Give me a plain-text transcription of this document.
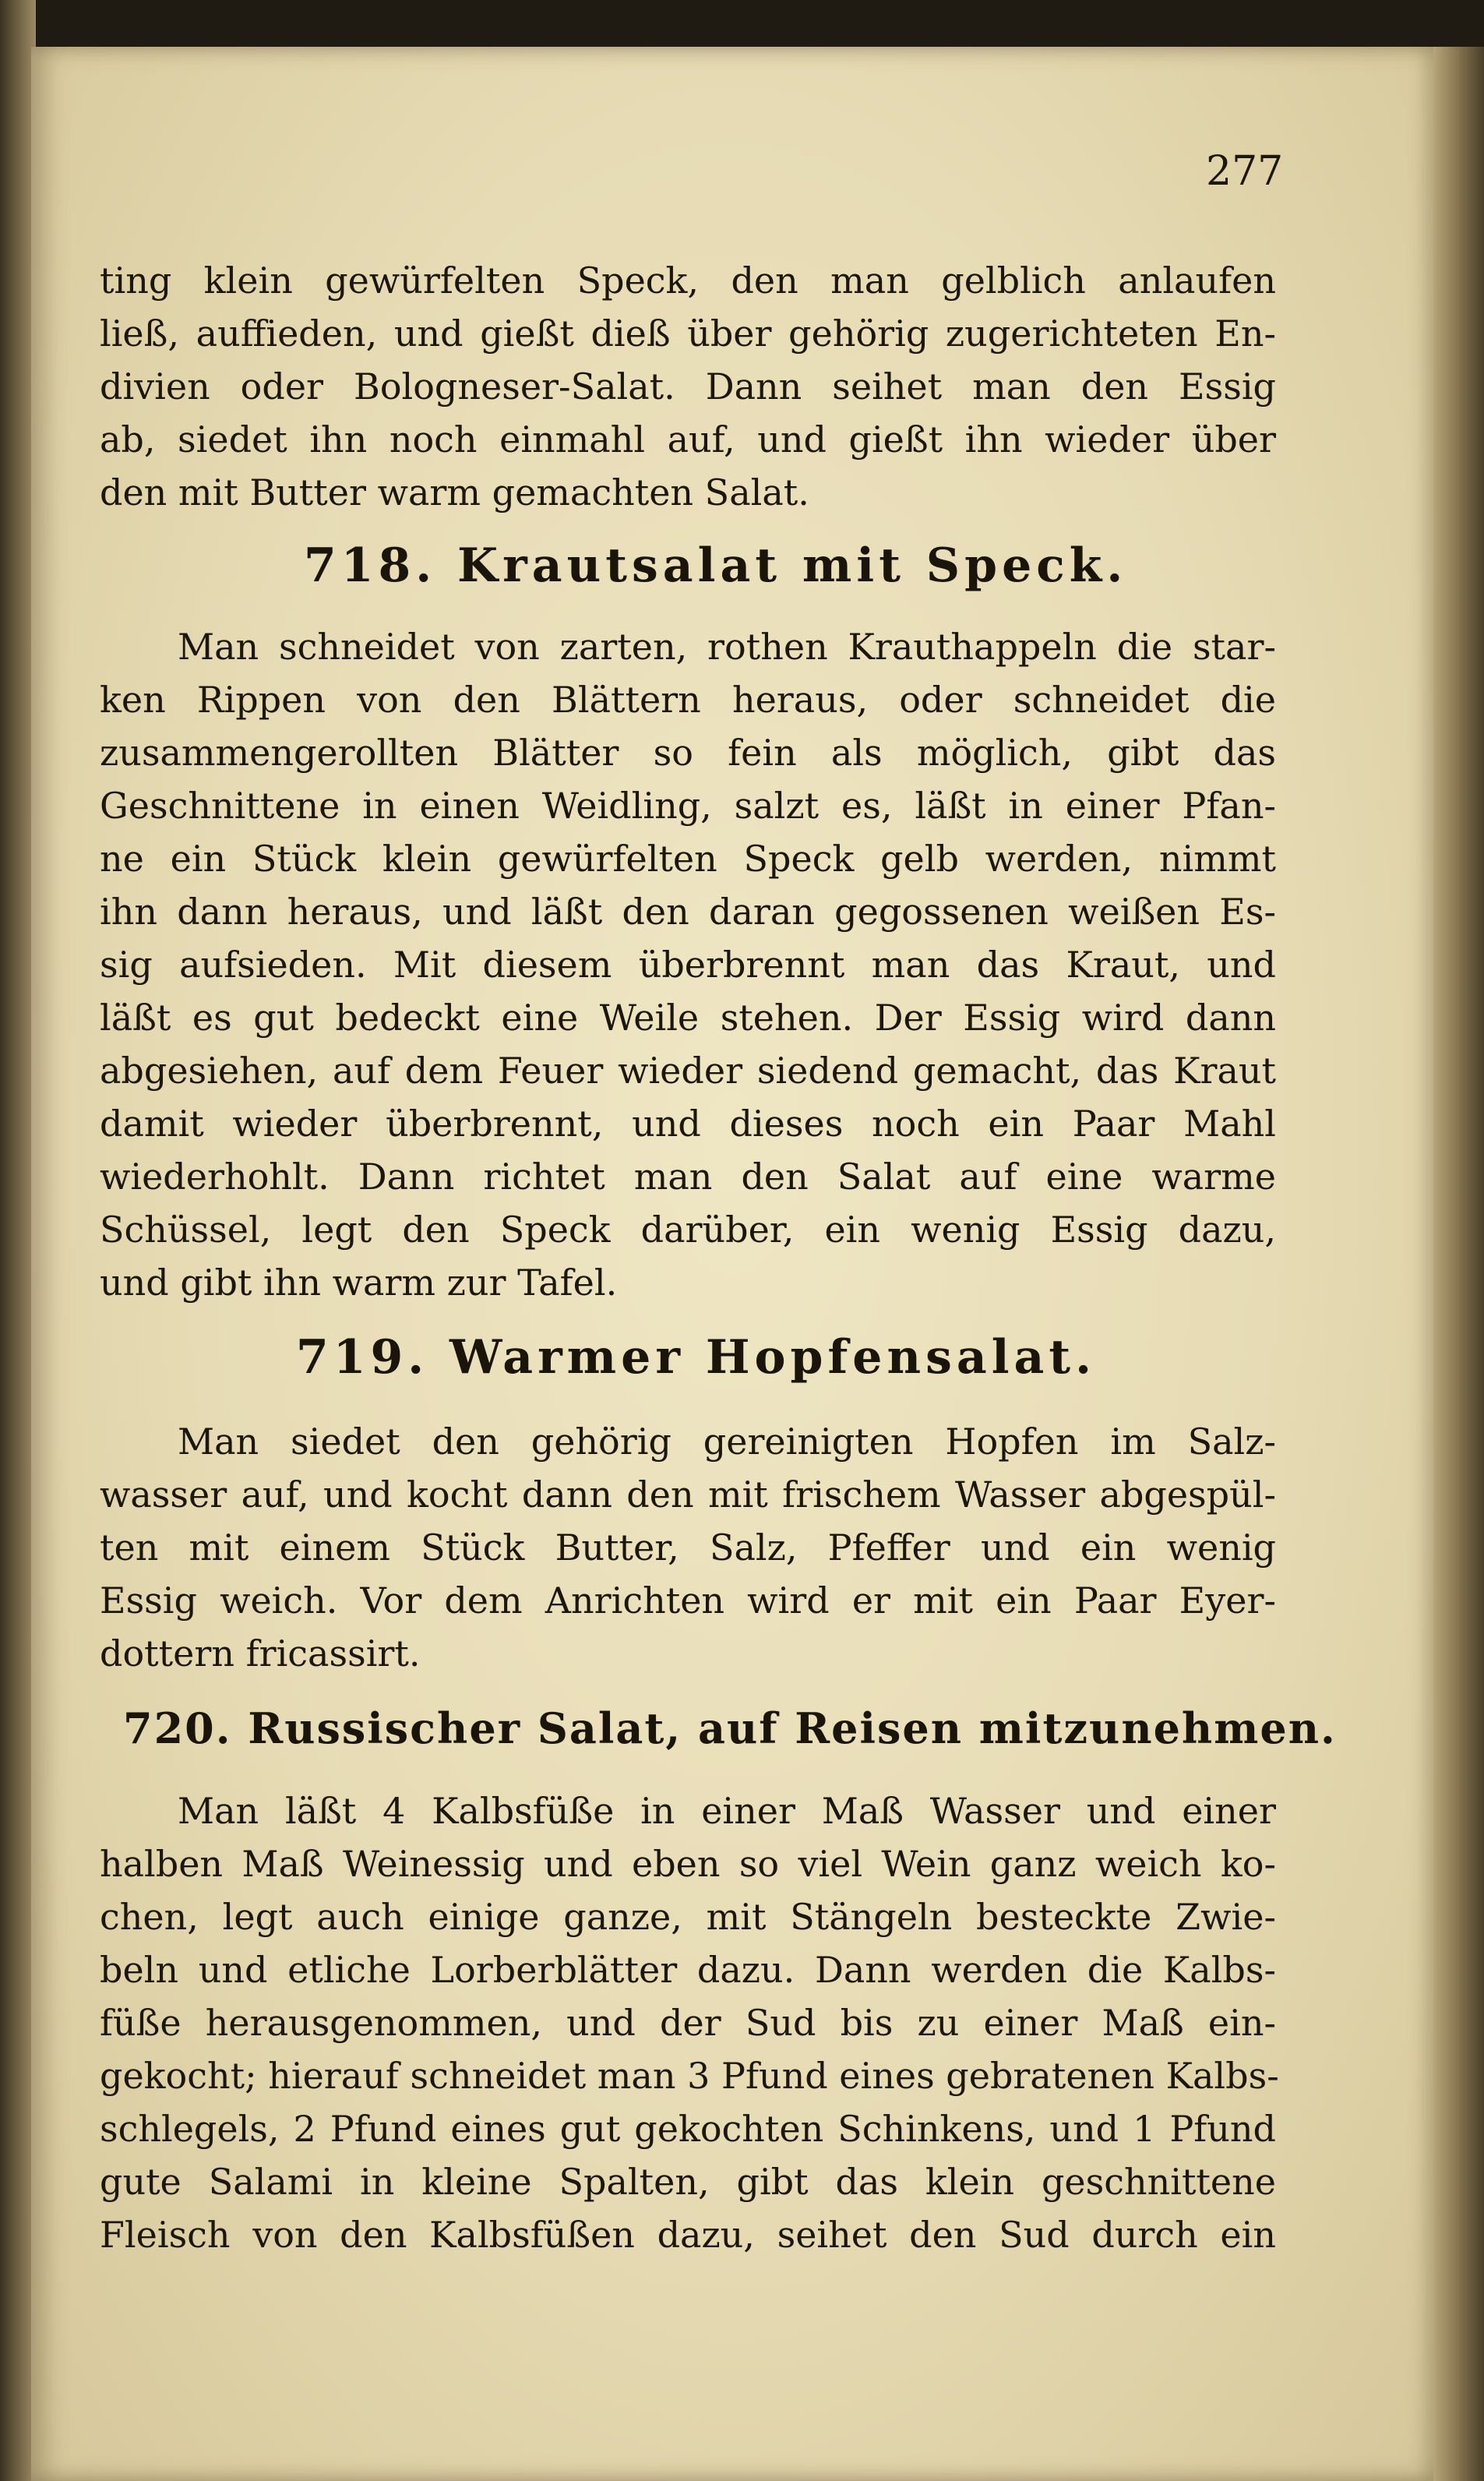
277

ting klein gewürfelten Speck, den man gelblich anlaufen

ließ, auffieden, und gießt dieß über gehörig zugerichteten En-

divien oder Bologneser-Salat. Dann seihet man den Essig

ab, siedet ihn noch einmahl auf, und gießt ihn wieder über

den mit Butter warm gemachten Salat.

718. Krautsalat mit Speck.

Man schneidet von zarten, rothen Krauthappeln die star-

ken Rippen von den Blättern heraus, oder schneidet die

zusammengerollten Blätter so fein als möglich, gibt das

Geschnittene in einen Weidling, salzt es, läßt in einer Pfan-

ne ein Stück klein gewürfelten Speck gelb werden, nimmt

ihn dann heraus, und läßt den daran gegossenen weißen Es-

sig aufsieden. Mit diesem überbrennt man das Kraut, und

läßt es gut bedeckt eine Weile stehen. Der Essig wird dann

abgesiehen, auf dem Feuer wieder siedend gemacht, das Kraut

damit wieder überbrennt, und dieses noch ein Paar Mahl

wiederhohlt. Dann richtet man den Salat auf eine warme

Schüssel, legt den Speck darüber, ein wenig Essig dazu,

und gibt ihn warm zur Tafel.

719. Warmer Hopfensalat.

Man siedet den gehörig gereinigten Hopfen im Salz-

wasser auf, und kocht dann den mit frischem Wasser abgespül-

ten mit einem Stück Butter, Salz, Pfeffer und ein wenig

Essig weich. Vor dem Anrichten wird er mit ein Paar Eyer-

dottern fricassirt.

720. Russischer Salat, auf Reisen mitzunehmen.

Man läßt 4 Kalbsfüße in einer Maß Wasser und einer

halben Maß Weinessig und eben so viel Wein ganz weich ko-

chen, legt auch einige ganze, mit Stängeln besteckte Zwie-

beln und etliche Lorberblätter dazu. Dann werden die Kalbs-

füße herausgenommen, und der Sud bis zu einer Maß ein-

gekocht; hierauf schneidet man 3 Pfund eines gebratenen Kalbs-

schlegels, 2 Pfund eines gut gekochten Schinkens, und 1 Pfund

gute Salami in kleine Spalten, gibt das klein geschnittene

Fleisch von den Kalbsfüßen dazu, seihet den Sud durch ein
